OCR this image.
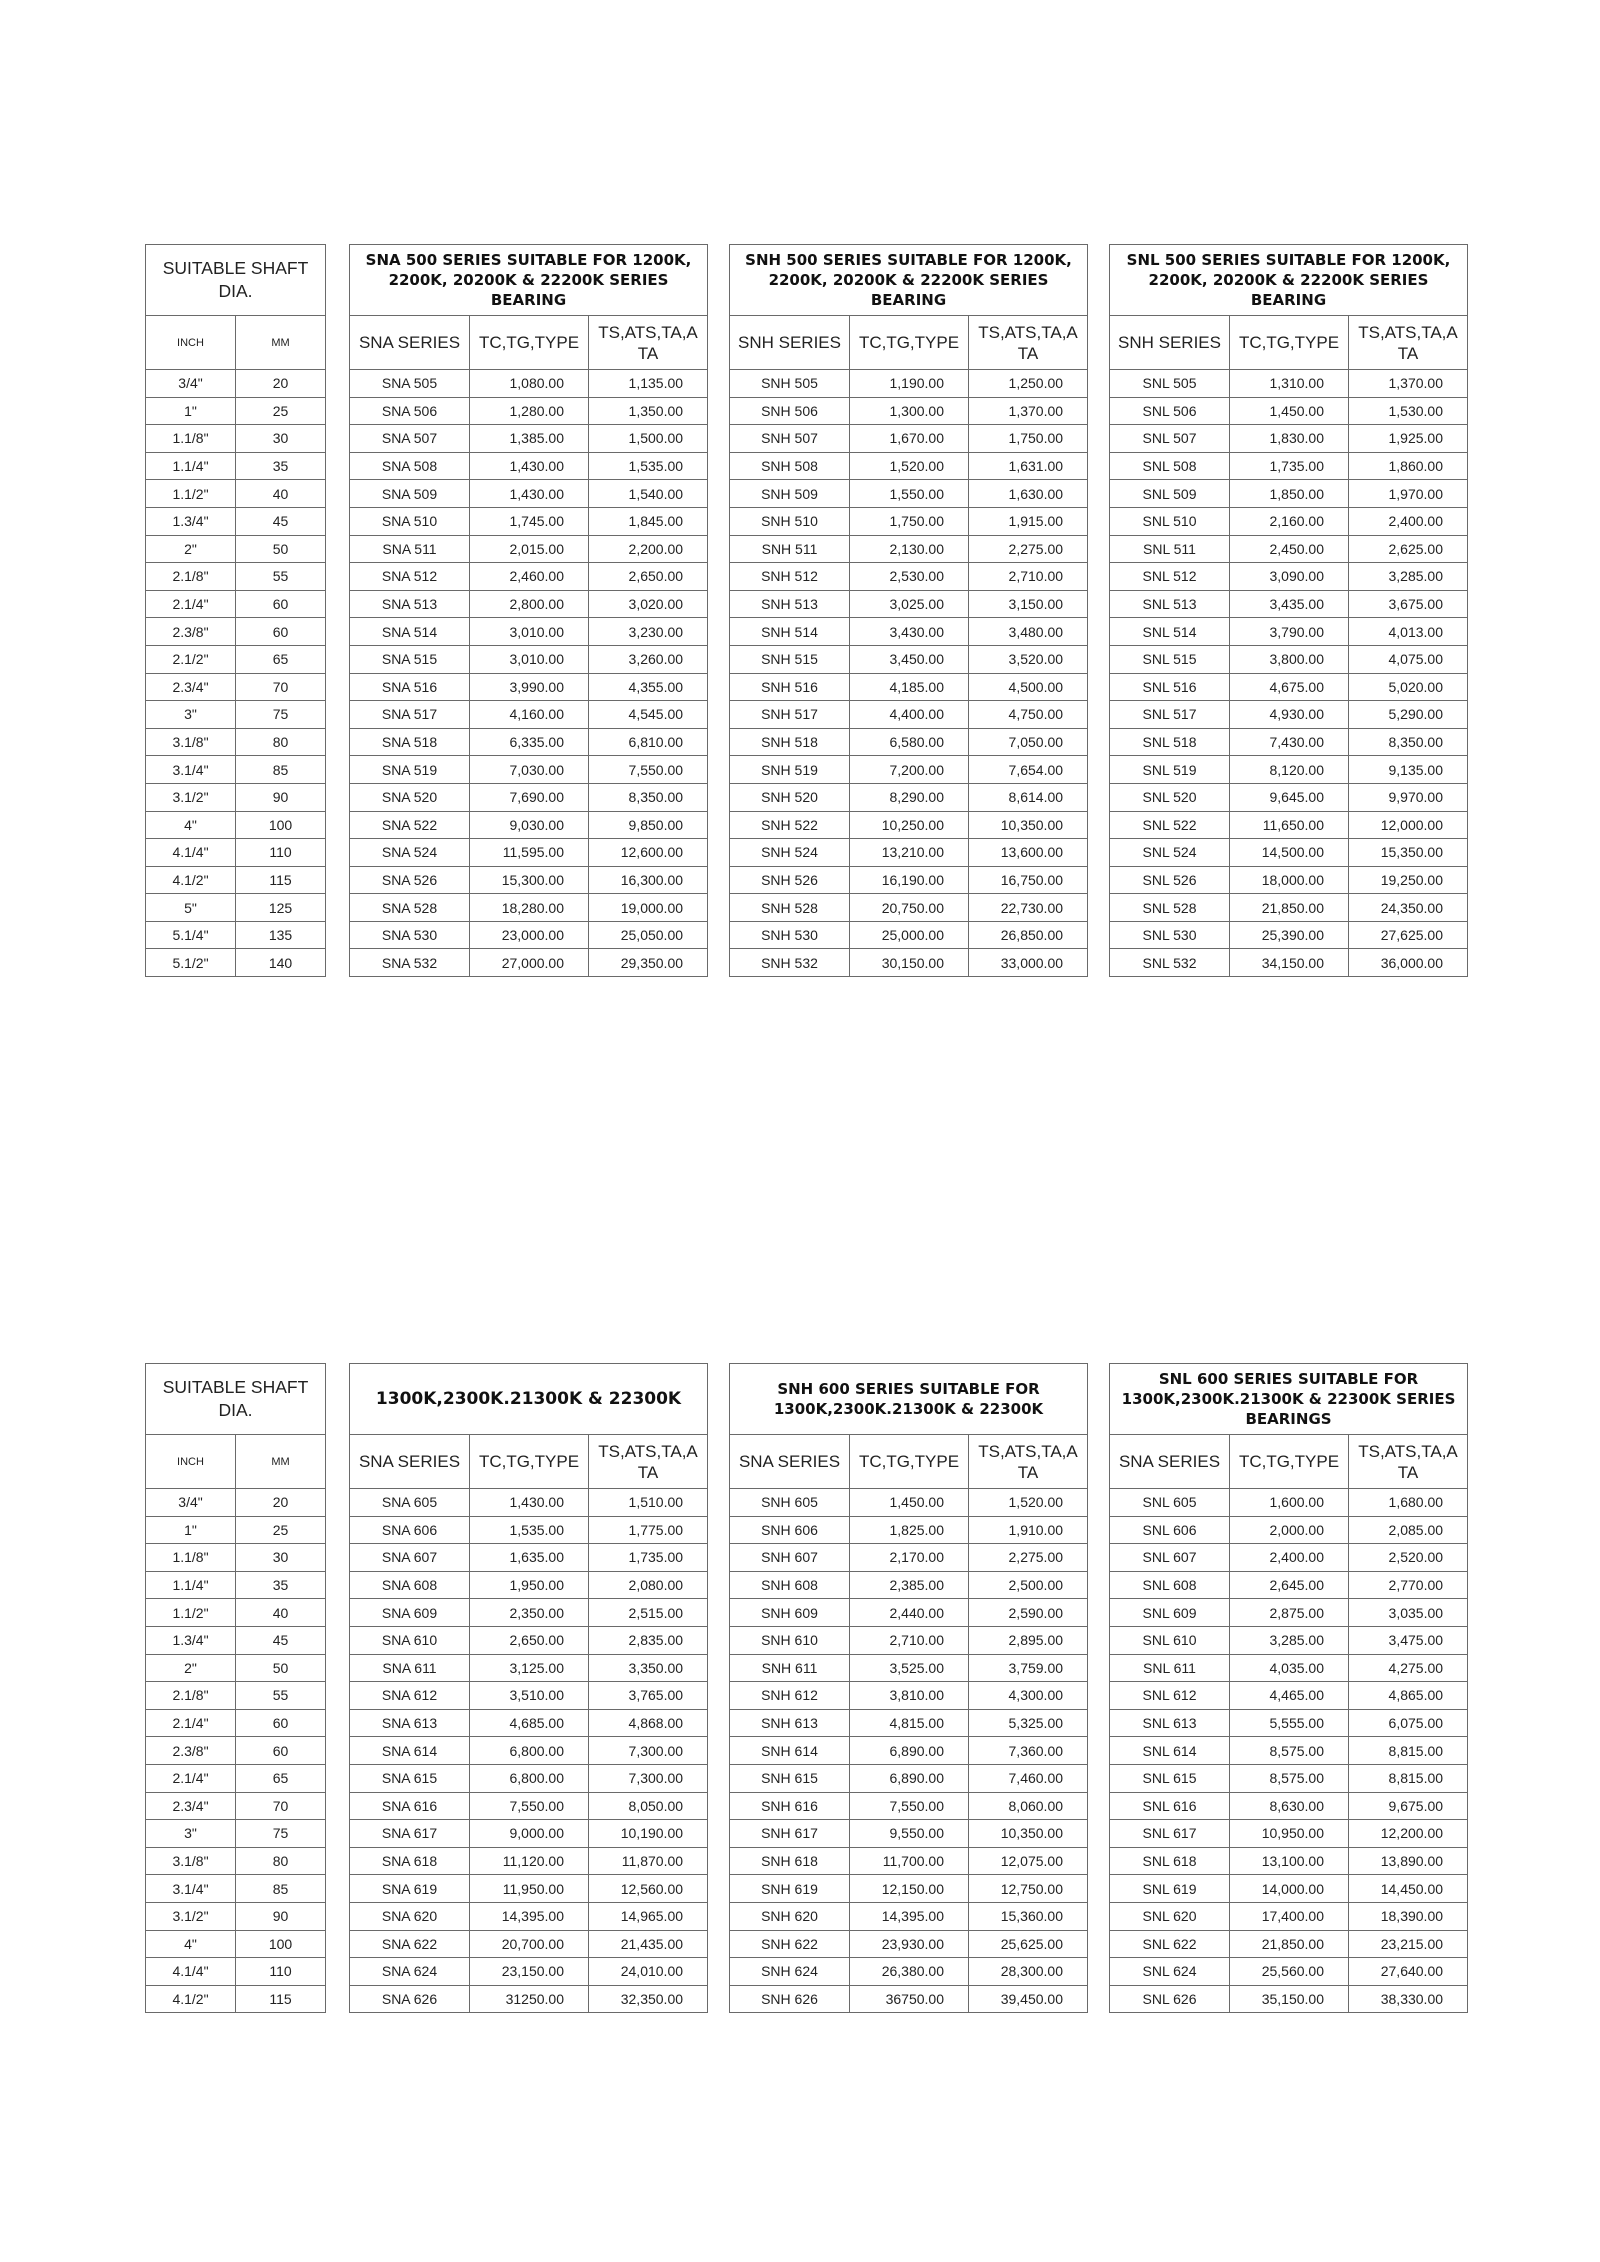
SUITABLE SHAFT DIA.	
INCH	MM
3/4"	20
1"	25
1.1/8"	30
1.1/4"	35
1.1/2"	40
1.3/4"	45
2"	50
2.1/8"	55
2.1/4"	60
2.3/8"	60
2.1/2"	65
2.3/4"	70
3"	75
3.1/8"	80
3.1/4"	85
3.1/2"	90
4"	100
4.1/4"	110
4.1/2"	115
5"	125
5.1/4"	135
5.1/2"	140
SNA 500 SERIES SUITABLE FOR 1200K, 2200K, 20200K & 22200K SERIES BEARING		
SNA SERIES	TC,TG,TYPE	TS,ATS,TA,A TA
SNA 505	1,080.00	1,135.00
SNA 506	1,280.00	1,350.00
SNA 507	1,385.00	1,500.00
SNA 508	1,430.00	1,535.00
SNA 509	1,430.00	1,540.00
SNA 510	1,745.00	1,845.00
SNA 511	2,015.00	2,200.00
SNA 512	2,460.00	2,650.00
SNA 513	2,800.00	3,020.00
SNA 514	3,010.00	3,230.00
SNA 515	3,010.00	3,260.00
SNA 516	3,990.00	4,355.00
SNA 517	4,160.00	4,545.00
SNA 518	6,335.00	6,810.00
SNA 519	7,030.00	7,550.00
SNA 520	7,690.00	8,350.00
SNA 522	9,030.00	9,850.00
SNA 524	11,595.00	12,600.00
SNA 526	15,300.00	16,300.00
SNA 528	18,280.00	19,000.00
SNA 530	23,000.00	25,050.00
SNA 532	27,000.00	29,350.00
SNH 500 SERIES SUITABLE FOR 1200K, 2200K, 20200K & 22200K SERIES BEARING		
SNH SERIES	TC,TG,TYPE	TS,ATS,TA,A TA
SNH 505	1,190.00	1,250.00
SNH 506	1,300.00	1,370.00
SNH 507	1,670.00	1,750.00
SNH 508	1,520.00	1,631.00
SNH 509	1,550.00	1,630.00
SNH 510	1,750.00	1,915.00
SNH 511	2,130.00	2,275.00
SNH 512	2,530.00	2,710.00
SNH 513	3,025.00	3,150.00
SNH 514	3,430.00	3,480.00
SNH 515	3,450.00	3,520.00
SNH 516	4,185.00	4,500.00
SNH 517	4,400.00	4,750.00
SNH 518	6,580.00	7,050.00
SNH 519	7,200.00	7,654.00
SNH 520	8,290.00	8,614.00
SNH 522	10,250.00	10,350.00
SNH 524	13,210.00	13,600.00
SNH 526	16,190.00	16,750.00
SNH 528	20,750.00	22,730.00
SNH 530	25,000.00	26,850.00
SNH 532	30,150.00	33,000.00
SNL 500 SERIES SUITABLE FOR 1200K, 2200K, 20200K & 22200K SERIES BEARING		
SNH SERIES	TC,TG,TYPE	TS,ATS,TA,A TA
SNL 505	1,310.00	1,370.00
SNL 506	1,450.00	1,530.00
SNL 507	1,830.00	1,925.00
SNL 508	1,735.00	1,860.00
SNL 509	1,850.00	1,970.00
SNL 510	2,160.00	2,400.00
SNL 511	2,450.00	2,625.00
SNL 512	3,090.00	3,285.00
SNL 513	3,435.00	3,675.00
SNL 514	3,790.00	4,013.00
SNL 515	3,800.00	4,075.00
SNL 516	4,675.00	5,020.00
SNL 517	4,930.00	5,290.00
SNL 518	7,430.00	8,350.00
SNL 519	8,120.00	9,135.00
SNL 520	9,645.00	9,970.00
SNL 522	11,650.00	12,000.00
SNL 524	14,500.00	15,350.00
SNL 526	18,000.00	19,250.00
SNL 528	21,850.00	24,350.00
SNL 530	25,390.00	27,625.00
SNL 532	34,150.00	36,000.00
SUITABLE SHAFT DIA.	
INCH	MM
3/4"	20
1"	25
1.1/8"	30
1.1/4"	35
1.1/2"	40
1.3/4"	45
2"	50
2.1/8"	55
2.1/4"	60
2.3/8"	60
2.1/4"	65
2.3/4"	70
3"	75
3.1/8"	80
3.1/4"	85
3.1/2"	90
4"	100
4.1/4"	110
4.1/2"	115
1300K,2300K.21300K & 22300K		
SNA SERIES	TC,TG,TYPE	TS,ATS,TA,A TA
SNA 605	1,430.00	1,510.00
SNA 606	1,535.00	1,775.00
SNA 607	1,635.00	1,735.00
SNA 608	1,950.00	2,080.00
SNA 609	2,350.00	2,515.00
SNA 610	2,650.00	2,835.00
SNA 611	3,125.00	3,350.00
SNA 612	3,510.00	3,765.00
SNA 613	4,685.00	4,868.00
SNA 614	6,800.00	7,300.00
SNA 615	6,800.00	7,300.00
SNA 616	7,550.00	8,050.00
SNA 617	9,000.00	10,190.00
SNA 618	11,120.00	11,870.00
SNA 619	11,950.00	12,560.00
SNA 620	14,395.00	14,965.00
SNA 622	20,700.00	21,435.00
SNA 624	23,150.00	24,010.00
SNA 626	31250.00	32,350.00
SNH 600 SERIES SUITABLE FOR 1300K,2300K.21300K & 22300K		
SNA SERIES	TC,TG,TYPE	TS,ATS,TA,A TA
SNH 605	1,450.00	1,520.00
SNH 606	1,825.00	1,910.00
SNH 607	2,170.00	2,275.00
SNH 608	2,385.00	2,500.00
SNH 609	2,440.00	2,590.00
SNH 610	2,710.00	2,895.00
SNH 611	3,525.00	3,759.00
SNH 612	3,810.00	4,300.00
SNH 613	4,815.00	5,325.00
SNH 614	6,890.00	7,360.00
SNH 615	6,890.00	7,460.00
SNH 616	7,550.00	8,060.00
SNH 617	9,550.00	10,350.00
SNH 618	11,700.00	12,075.00
SNH 619	12,150.00	12,750.00
SNH 620	14,395.00	15,360.00
SNH 622	23,930.00	25,625.00
SNH 624	26,380.00	28,300.00
SNH 626	36750.00	39,450.00
SNL 600 SERIES SUITABLE FOR 1300K,2300K.21300K & 22300K SERIES BEARINGS		
SNA SERIES	TC,TG,TYPE	TS,ATS,TA,A TA
SNL 605	1,600.00	1,680.00
SNL 606	2,000.00	2,085.00
SNL 607	2,400.00	2,520.00
SNL 608	2,645.00	2,770.00
SNL 609	2,875.00	3,035.00
SNL 610	3,285.00	3,475.00
SNL 611	4,035.00	4,275.00
SNL 612	4,465.00	4,865.00
SNL 613	5,555.00	6,075.00
SNL 614	8,575.00	8,815.00
SNL 615	8,575.00	8,815.00
SNL 616	8,630.00	9,675.00
SNL 617	10,950.00	12,200.00
SNL 618	13,100.00	13,890.00
SNL 619	14,000.00	14,450.00
SNL 620	17,400.00	18,390.00
SNL 622	21,850.00	23,215.00
SNL 624	25,560.00	27,640.00
SNL 626	35,150.00	38,330.00
